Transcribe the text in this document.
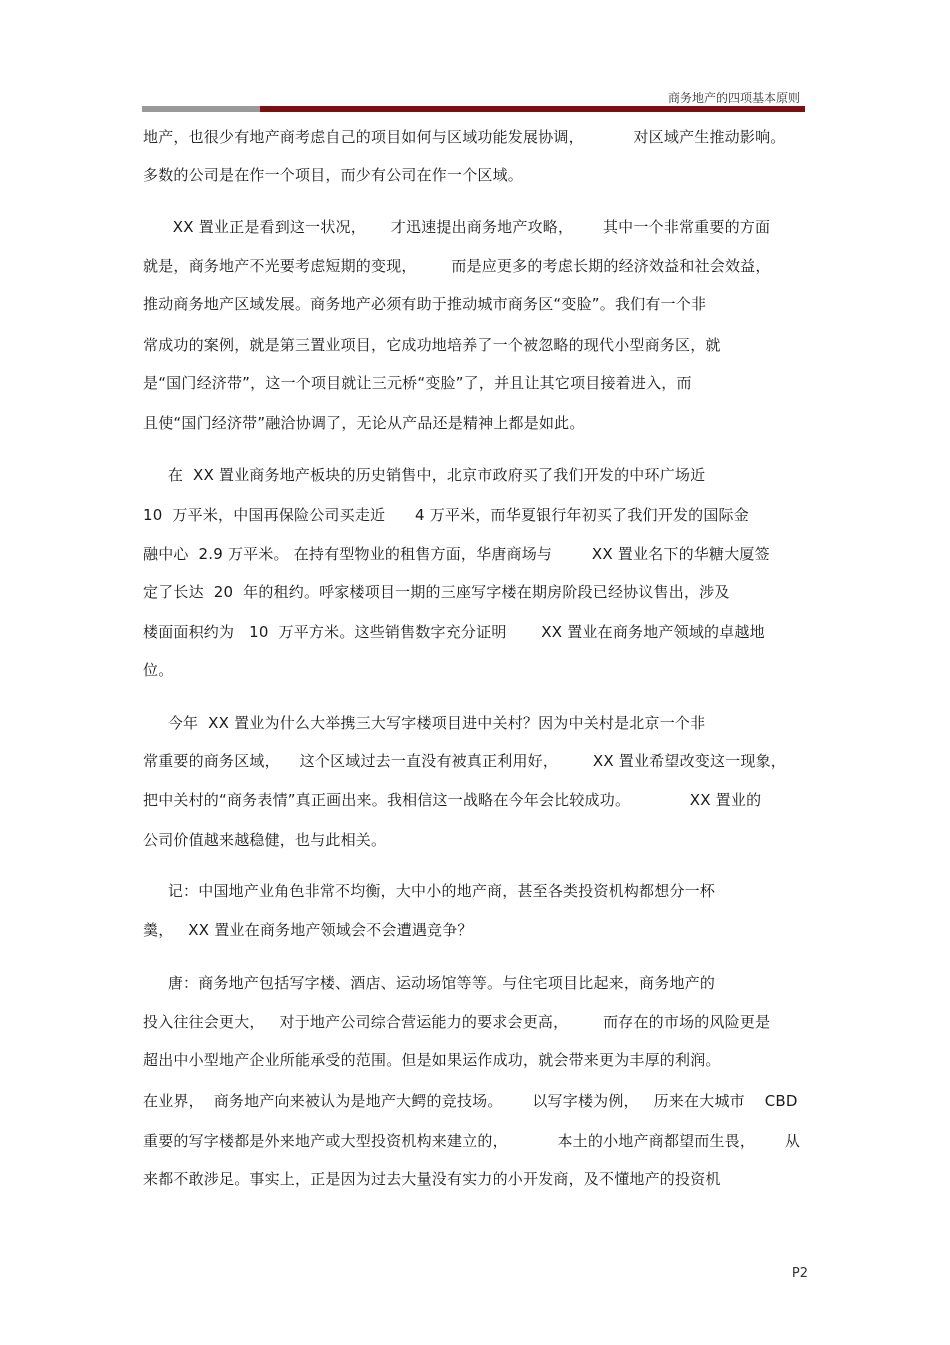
商务地产的四项基本原则
地产，也很少有地产商考虑自己的项目如何与区域功能发展协调，          对区域产生推动影响。
多数的公司是在作一个项目，而少有公司在作一个区域。
XX 置业正是看到这一状况，     才迅速提出商务地产攻略，      其中一个非常重要的方面
就是，商务地产不光要考虑短期的变现，       而是应更多的考虑长期的经济效益和社会效益，
推动商务地产区域发展。商务地产必须有助于推动城市商务区“变脸”。我们有一个非
常成功的案例，就是第三置业项目，它成功地培养了一个被忽略的现代小型商务区，就
是“国门经济带”，这一个项目就让三元桥“变脸”了，并且让其它项目接着进入，而
且使“国门经济带”融洽协调了，无论从产品还是精神上都是如此。
在  XX 置业商务地产板块的历史销售中，北京市政府买了我们开发的中环广场近
10  万平米，中国再保险公司买走近      4 万平米，而华夏银行年初买了我们开发的国际金
融中心  2.9 万平米。 在持有型物业的租售方面，华唐商场与        XX 置业名下的华糖大厦签
定了长达  20  年的租约。呼家楼项目一期的三座写字楼在期房阶段已经协议售出，涉及
楼面面积约为   10  万平方米。这些销售数字充分证明       XX 置业在商务地产领域的卓越地
位。
今年  XX 置业为什么大举携三大写字楼项目进中关村？因为中关村是北京一个非
常重要的商务区域，    这个区域过去一直没有被真正利用好，       XX 置业希望改变这一现象，
把中关村的“商务表情”真正画出来。我相信这一战略在今年会比较成功。            XX 置业的
公司价值越来越稳健，也与此相关。
记：中国地产业角色非常不均衡，大中小的地产商，甚至各类投资机构都想分一杯
羹，   XX 置业在商务地产领域会不会遭遇竞争？
唐：商务地产包括写字楼、酒店、运动场馆等等。与住宅项目比起来，商务地产的
投入往往会更大，   对于地产公司综合营运能力的要求会更高，       而存在的市场的风险更是
超出中小型地产企业所能承受的范围。但是如果运作成功，就会带来更为丰厚的利润。
在业界，  商务地产向来被认为是地产大鳄的竞技场。      以写字楼为例，   历来在大城市    CBD
重要的写字楼都是外来地产或大型投资机构来建立的，          本土的小地产商都望而生畏，      从
来都不敢涉足。事实上，正是因为过去大量没有实力的小开发商，及不懂地产的投资机
P2
